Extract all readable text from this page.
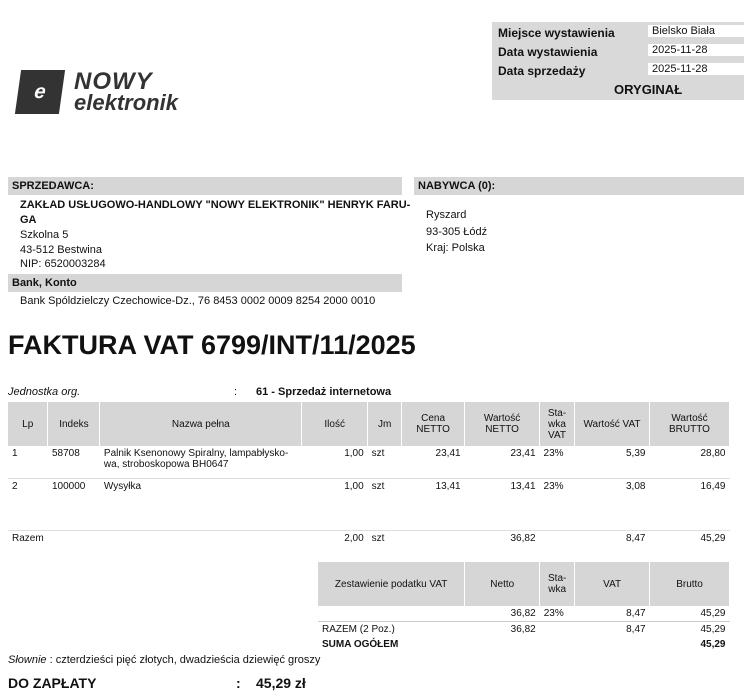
Miejsce wystawienia	Bielsko Biała
Data wystawienia	2025-11-28
Data sprzedaży	2025-11-28
ORYGINAŁ
e	NOWY
elektronik
SPRZEDAWCA:
ZAKŁAD USŁUGOWO-HANDLOWY "NOWY ELEKTRONIK" HENRYK FARU-
GA
Szkolna 5
43-512 Bestwina
NIP: 6520003284
Bank, Konto
Bank Spóldzielczy Czechowice-Dz., 76 8453 0002 0009 8254 2000 0010
NABYWCA (0):
Ryszard
93-305 Łódź
Kraj: Polska
FAKTURA VAT 6799/INT/11/2025
Jednostka org.	: 61 - Sprzedaż internetowa
Lp	Indeks	Nazwa pełna	Ilość	Jm	Cena NETTO	Wartość NETTO	Sta-wka VAT	Wartość VAT	Wartość BRUTTO
1	58708	Palnik Ksenonowy Spiralny, lampabłysko-wa, stroboskopowa BH0647	1,00	szt	23,41	23,41	23%	5,39	28,80
2	100000	Wysyłka	1,00	szt	13,41	13,41	23%	3,08	16,49
Razem			2,00	szt		36,82		8,47	45,29
Zestawienie podatku VAT	Netto	Sta-wka	VAT	Brutto
	36,82	23%	8,47	45,29
RAZEM (2 Poz.)	36,82		8,47	45,29
SUMA OGÓŁEM				45,29
Słownie : czterdzieści pięć złotych, dwadzieścia dziewięć groszy
DO ZAPŁATY	: 45,29 zł
